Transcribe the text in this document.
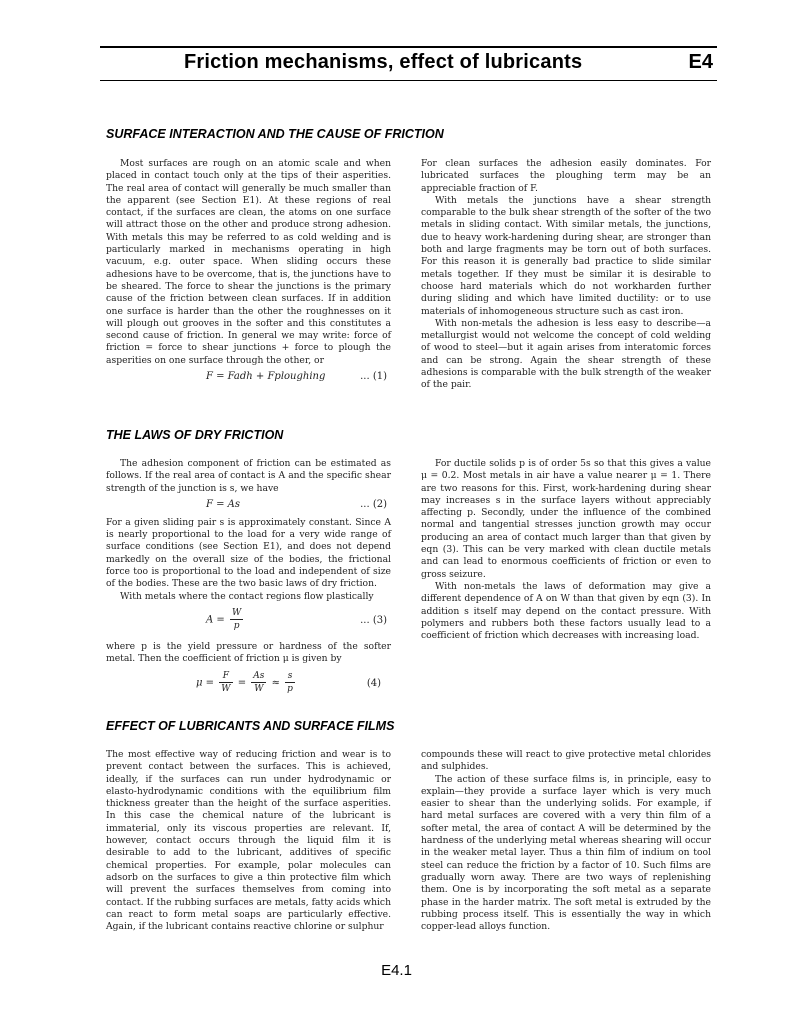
Friction mechanisms, effect of lubricants	E4
SURFACE INTERACTION AND THE CAUSE OF FRICTION

Most surfaces are rough on an atomic scale and when placed in contact touch only at the tips of their asperities. The real area of contact will generally be much smaller than the apparent (see Section E1). At these regions of real contact, if the surfaces are clean, the atoms on one surface will attract those on the other and produce strong adhesion. With metals this may be referred to as cold welding and is particularly marked in mechanisms operating in high vacuum, e.g. outer space. When sliding occurs these adhesions have to be overcome, that is, the junctions have to be sheared. The force to shear the junctions is the primary cause of the friction between clean surfaces. If in addition one surface is harder than the other the roughnesses on it will plough out grooves in the softer and this constitutes a second cause of friction. In general we may write: force of friction = force to shear junctions + force to plough the asperities on one surface through the other, or

F = Fadh + Fploughing	... (1)

For clean surfaces the adhesion easily dominates. For lubricated surfaces the ploughing term may be an appreciable fraction of F.

With metals the junctions have a shear strength comparable to the bulk shear strength of the softer of the two metals in sliding contact. With similar metals, the junctions, due to heavy work-hardening during shear, are stronger than both and large fragments may be torn out of both surfaces. For this reason it is generally bad practice to slide similar metals together. If they must be similar it is desirable to choose hard materials which do not workharden further during sliding and which have limited ductility: or to use materials of inhomogeneous structure such as cast iron.

With non-metals the adhesion is less easy to describe—a metallurgist would not welcome the concept of cold welding of wood to steel—but it again arises from interatomic forces and can be strong. Again the shear strength of these adhesions is comparable with the bulk strength of the weaker of the pair.

THE LAWS OF DRY FRICTION

The adhesion component of friction can be estimated as follows. If the real area of contact is A and the specific shear strength of the junction is s, we have

F = As	... (2)

For a given sliding pair s is approximately constant. Since A is nearly proportional to the load for a very wide range of surface conditions (see Section E1), and does not depend markedly on the overall size of the bodies, the frictional force too is proportional to the load and independent of size of the bodies. These are the two basic laws of dry friction.

With metals where the contact regions flow plastically

$A = \frac{W}{p}$	... (3)

where p is the yield pressure or hardness of the softer metal. Then the coefficient of friction μ is given by

$\mu = \frac{F}{W} = \frac{As}{W} \approx \frac{s}{p}$	(4)

For ductile solids p is of order 5s so that this gives a value μ = 0.2. Most metals in air have a value nearer μ = 1. There are two reasons for this. First, work-hardening during shear may increases s in the surface layers without appreciably affecting p. Secondly, under the influence of the combined normal and tangential stresses junction growth may occur producing an area of contact much larger than that given by eqn (3). This can be very marked with clean ductile metals and can lead to enormous coefficients of friction or even to gross seizure.

With non-metals the laws of deformation may give a different dependence of A on W than that given by eqn (3). In addition s itself may depend on the contact pressure. With polymers and rubbers both these factors usually lead to a coefficient of friction which decreases with increasing load.

EFFECT OF LUBRICANTS AND SURFACE FILMS

The most effective way of reducing friction and wear is to prevent contact between the surfaces. This is achieved, ideally, if the surfaces can run under hydrodynamic or elasto-hydrodynamic conditions with the equilibrium film thickness greater than the height of the surface asperities. In this case the chemical nature of the lubricant is immaterial, only its viscous properties are relevant. If, however, contact occurs through the liquid film it is desirable to add to the lubricant, additives of specific chemical properties. For example, polar molecules can adsorb on the surfaces to give a thin protective film which will prevent the surfaces themselves from coming into contact. If the rubbing surfaces are metals, fatty acids which can react to form metal soaps are particularly effective. Again, if the lubricant contains reactive chlorine or sulphur

compounds these will react to give protective metal chlorides and sulphides.

The action of these surface films is, in principle, easy to explain—they provide a surface layer which is very much easier to shear than the underlying solids. For example, if hard metal surfaces are covered with a very thin film of a softer metal, the area of contact A will be determined by the hardness of the underlying metal whereas shearing will occur in the weaker metal layer. Thus a thin film of indium on tool steel can reduce the friction by a factor of 10. Such films are gradually worn away. There are two ways of replenishing them. One is by incorporating the soft metal as a separate phase in the harder matrix. The soft metal is extruded by the rubbing process itself. This is essentially the way in which copper-lead alloys function.

E4.1
